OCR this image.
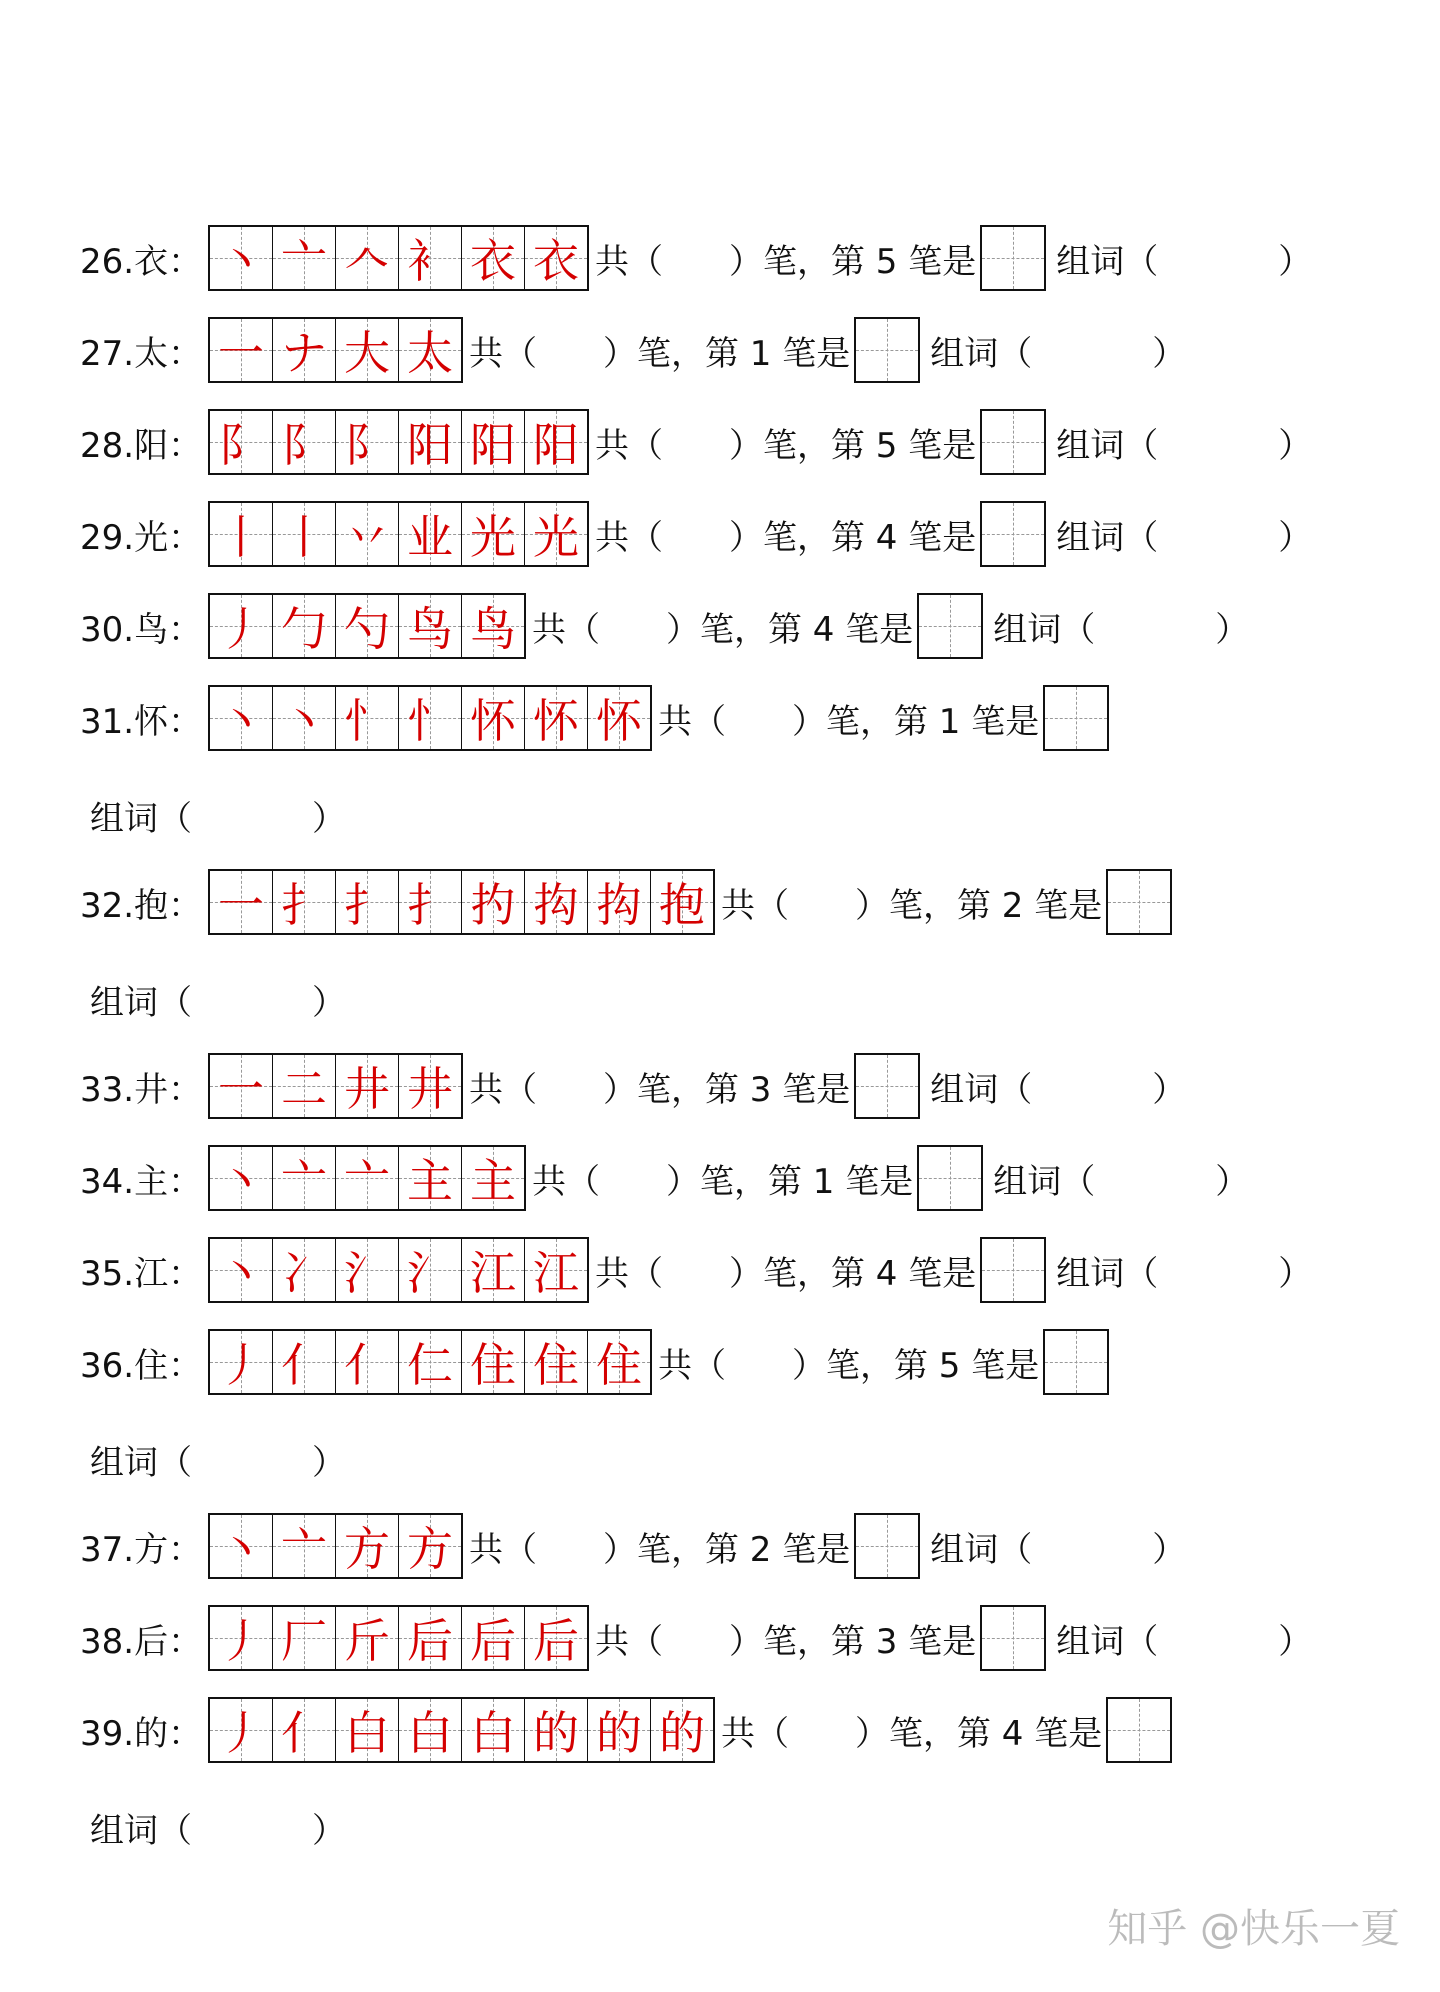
26.衣： 丶 亠 𠆢 衤 衣 衣 共（ ）笔，第 5 笔是 组词（	）
27.太： 一 ナ 大 太 共（ ）笔，第 1 笔是 组词（	）
28.阳： 阝 阝 阝 阳 阳 阳 共（ ）笔，第 5 笔是 组词（	）
29.光： 丨 丨 丷 业 光 光 共（ ）笔，第 4 笔是 组词（	）
30.鸟： 丿 勹 勺 鸟 鸟 共（ ）笔，第 4 笔是 组词（	）
31.怀： 丶 丶 忄 忄 怀 怀 怀 共（ ）笔，第 1 笔是
组词（	）
32.抱： 一 扌 扌 扌 扚 抅 抅 抱 共（ ）笔，第 2 笔是
组词（	）
33.井： 一 二 井 井 共（ ）笔，第 3 笔是 组词（	）
34.主： 丶 亠 亠 主 主 共（ ）笔，第 1 笔是 组词（	）
35.江： 丶 冫 氵 氵 江 江 共（ ）笔，第 4 笔是 组词（	）
36.住： 丿 亻 亻 仁 住 住 住 共（ ）笔，第 5 笔是
组词（	）
37.方： 丶 亠 方 方 共（ ）笔，第 2 笔是 组词（	）
38.后： 丿 厂 斤 后 后 后 共（ ）笔，第 3 笔是 组词（	）
39.的： 丿 亻 白 白 白 的 的 的 共（ ）笔，第 4 笔是
组词（	）
知乎 @快乐一夏
